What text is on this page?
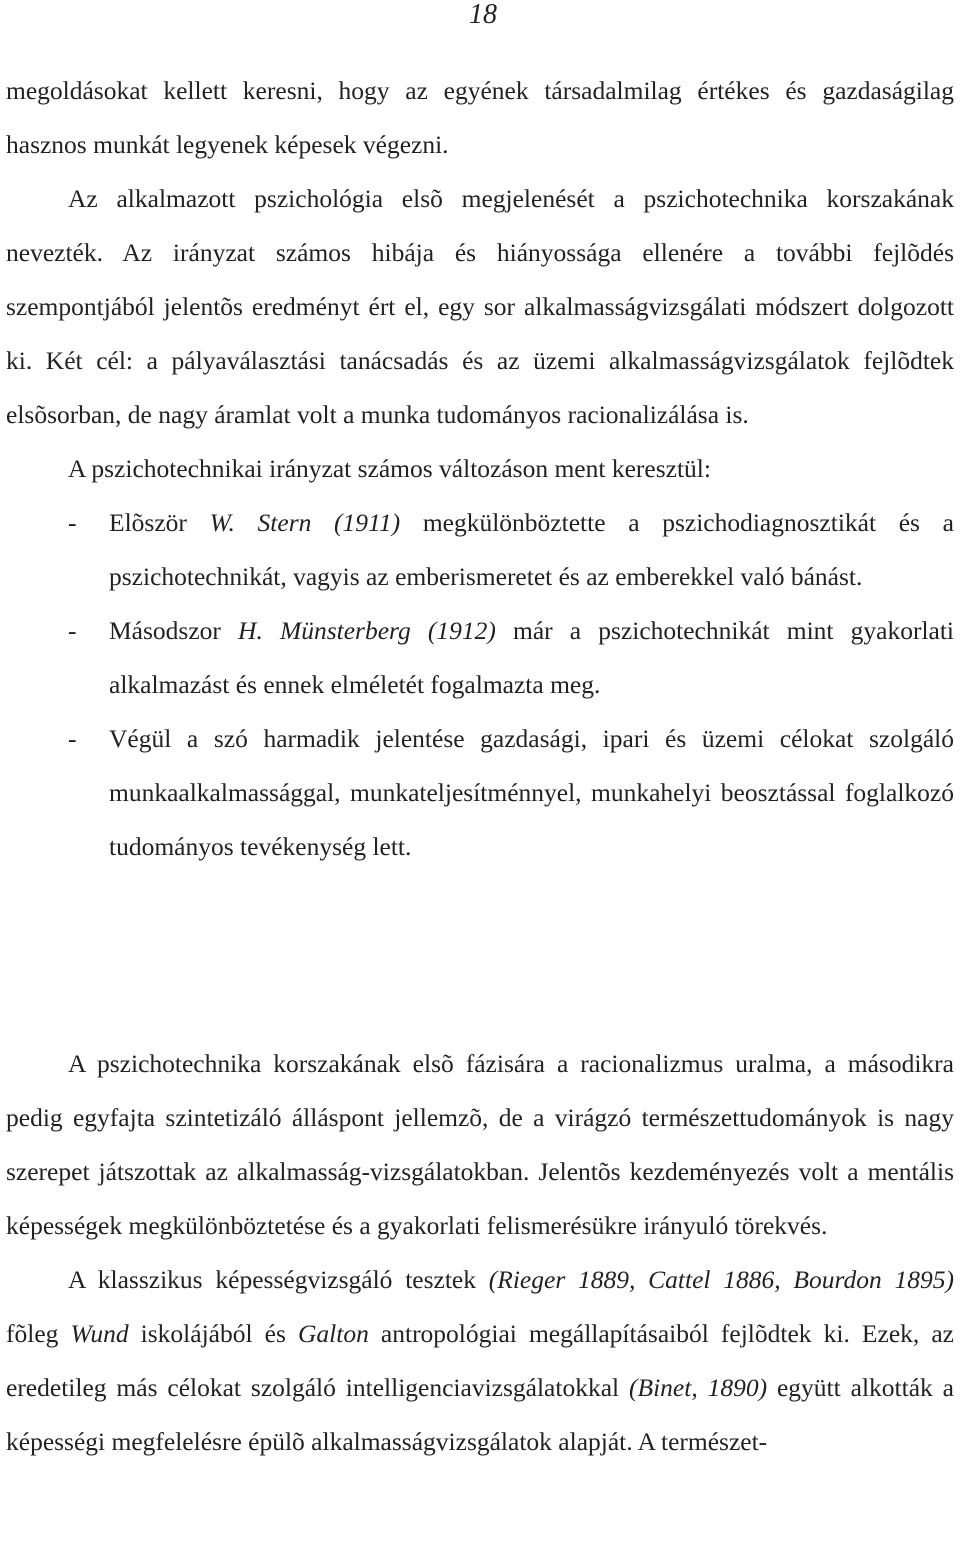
18

megoldásokat kellett keresni, hogy az egyének társadalmilag értékes és gazdaságilag hasznos munkát legyenek képesek végezni.

Az alkalmazott pszichológia elsõ megjelenését a pszichotechnika korszakának nevezték. Az irányzat számos hibája és hiányossága ellenére a további fejlõdés szempontjából jelentõs eredményt ért el, egy sor alkalmasságvizsgálati módszert dolgozott ki. Két cél: a pályaválasztási tanácsadás és az üzemi alkalmasságvizsgálatok fejlõdtek elsõsorban, de nagy áramlat volt a munka tudományos racionalizálása is.

A pszichotechnikai irányzat számos változáson ment keresztül:

- Elõször W. Stern (1911) megkülönböztette a pszichodiagnosztikát és a pszichotechnikát, vagyis az emberismeretet és az emberekkel való bánást.

- Másodszor H. Münsterberg (1912) már a pszichotechnikát mint gyakorlati alkalmazást és ennek elméletét fogalmazta meg.

- Végül a szó harmadik jelentése gazdasági, ipari és üzemi célokat szolgáló munkaalkalmassággal, munkateljesítménnyel, munkahelyi beosztással foglalkozó tudományos tevékenység lett.

A pszichotechnika korszakának elsõ fázisára a racionalizmus uralma, a másodikra pedig egyfajta szintetizáló álláspont jellemzõ, de a virágzó természettudományok is nagy szerepet játszottak az alkalmasság-vizsgálatokban. Jelentõs kezdeményezés volt a mentális képességek megkülönböztetése és a gyakorlati felismerésükre irányuló törekvés.

A klasszikus képességvizsgáló tesztek (Rieger 1889, Cattel 1886, Bourdon 1895) fõleg Wund iskolájából és Galton antropológiai megállapításaiból fejlõdtek ki. Ezek, az eredetileg más célokat szolgáló intelligenciavizsgálatokkal (Binet, 1890) együtt alkották a képességi megfelelésre épülõ alkalmasságvizsgálatok alapját. A természet-
